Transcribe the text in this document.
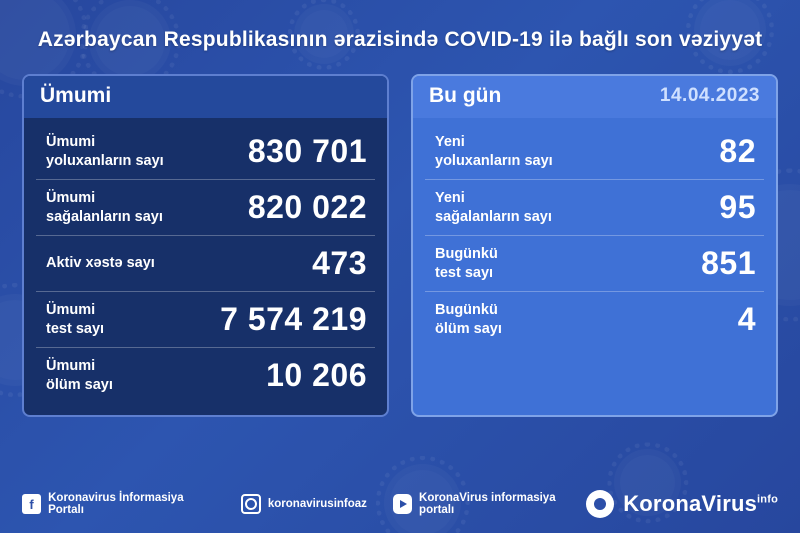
Azərbaycan Respublikasının ərazisində COVID-19 ilə bağlı son vəziyyət
Ümumi
Ümumi
yoluxanların sayı	830 701
Ümumi
sağalanların sayı	820 022
Aktiv xəstə sayı	473
Ümumi
test sayı	7 574 219
Ümumi
ölüm sayı	10 206
Bu gün	14.04.2023
Yeni
yoluxanların sayı	82
Yeni
sağalanların sayı	95
Bugünkü
test sayı	851
Bugünkü
ölüm sayı	4
f	Koronavirus İnformasiya Portalı	koronavirusinfoaz	KoronaVirus informasiya portalı	KoronaVirus$^{info}$
